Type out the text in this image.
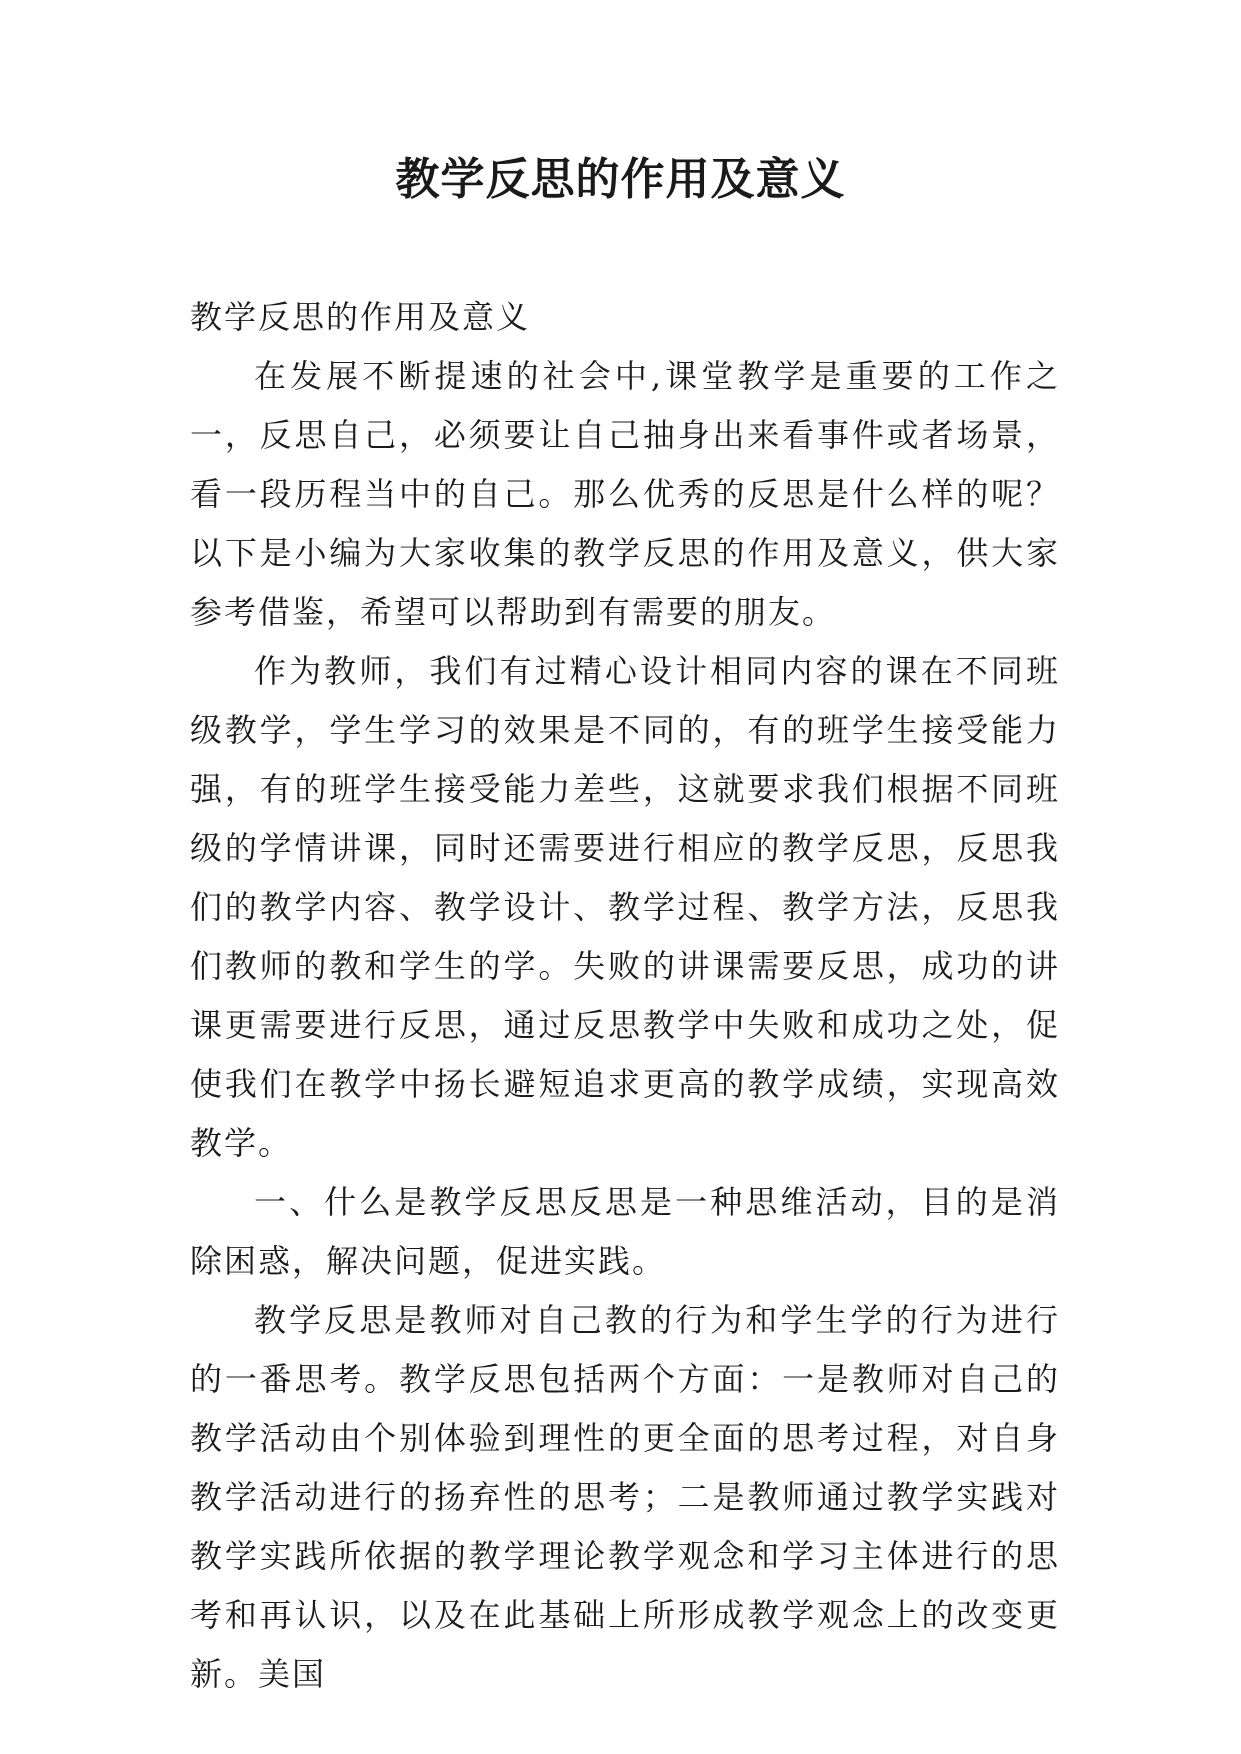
教学反思的作用及意义

教学反思的作用及意义

在发展不断提速的社会中,课堂教学是重要的工作之一，反思自己，必须要让自己抽身出来看事件或者场景，看一段历程当中的自己。那么优秀的反思是什么样的呢？以下是小编为大家收集的教学反思的作用及意义，供大家参考借鉴，希望可以帮助到有需要的朋友。

作为教师，我们有过精心设计相同内容的课在不同班级教学，学生学习的效果是不同的，有的班学生接受能力强，有的班学生接受能力差些，这就要求我们根据不同班级的学情讲课，同时还需要进行相应的教学反思，反思我们的教学内容、教学设计、教学过程、教学方法，反思我们教师的教和学生的学。失败的讲课需要反思，成功的讲课更需要进行反思，通过反思教学中失败和成功之处，促使我们在教学中扬长避短追求更高的教学成绩，实现高效教学。

一、什么是教学反思反思是一种思维活动，目的是消除困惑，解决问题，促进实践。

教学反思是教师对自己教的行为和学生学的行为进行的一番思考。教学反思包括两个方面：一是教师对自己的教学活动由个别体验到理性的更全面的思考过程，对自身教学活动进行的扬弃性的思考；二是教师通过教学实践对教学实践所依据的教学理论教学观念和学习主体进行的思考和再认识，以及在此基础上所形成教学观念上的改变更新。美国
